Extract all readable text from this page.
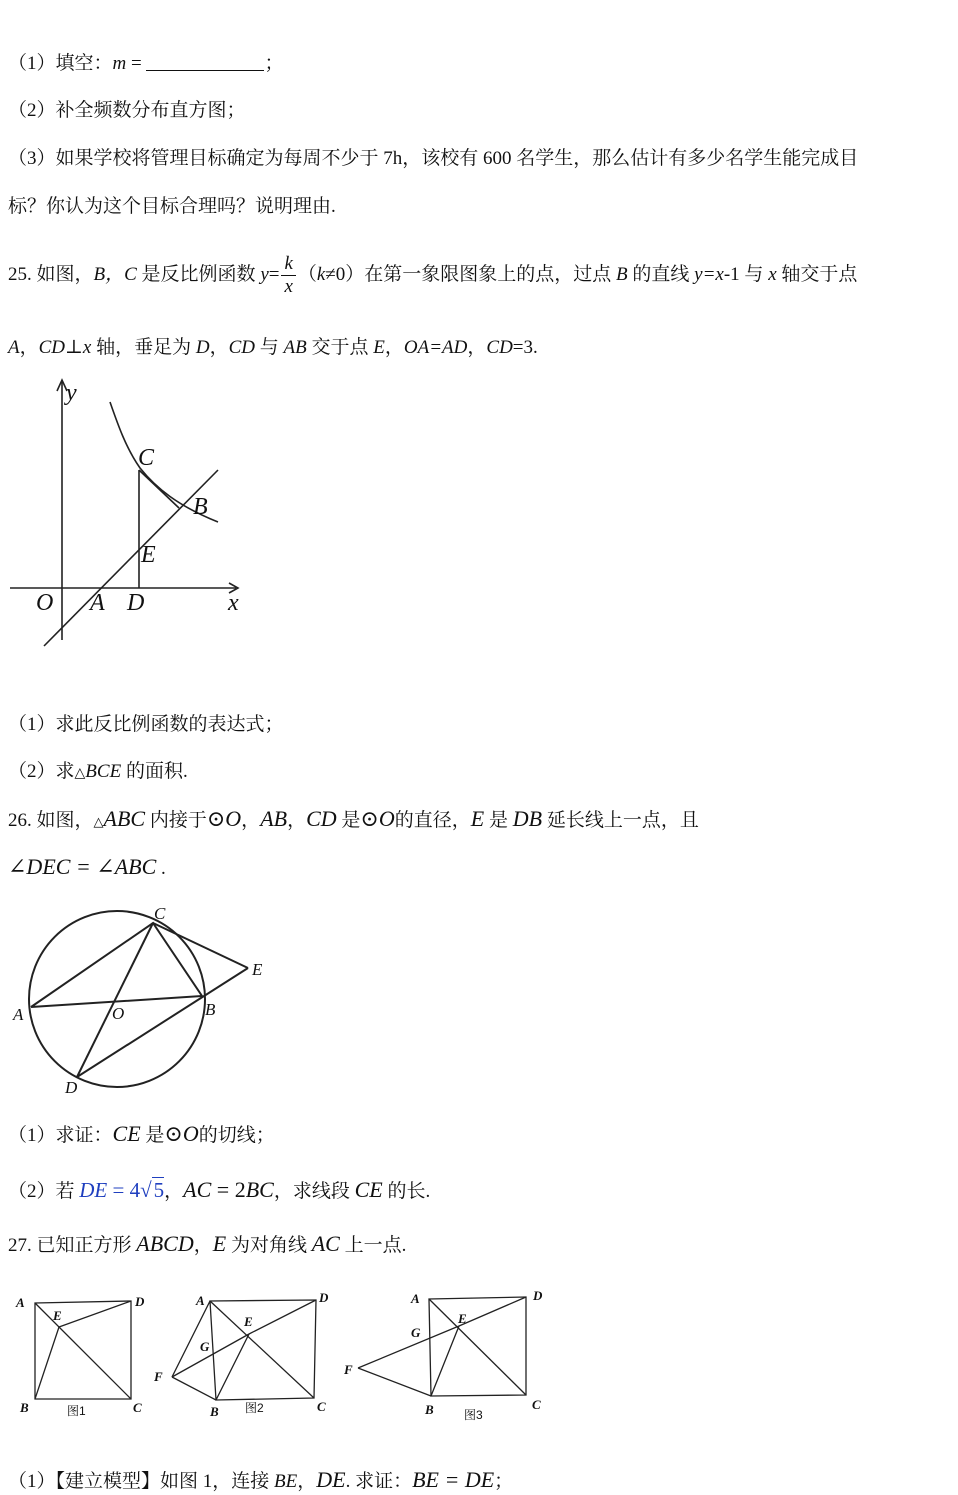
（1）填空：m =	；
（2）补全频数分布直方图；
（3）如果学校将管理目标确定为每周不少于 7h，该校有 600 名学生，那么估计有多少名学生能完成目
标？你认为这个目标合理吗？说明理由.
25. 如图，B，C 是反比例函数 $y= \frac{k}{x} (k\ne 0)$在第一象限图象上的点，过点 B 的直线 y=x-1 与 x 轴交于点
A，CD⊥x 轴，垂足为 D，CD 与 AB 交于点 E，OA=AD，CD=3.
y
C
B
E
O A D	x
（1）求此反比例函数的表达式；
（2）求△BCE 的面积.
26. 如图，△ABC 内接于⊙O，AB，CD 是⊙O的直径，E 是 DB 延长线上一点，且
∠DEC = ∠ABC .
C
E
A	O	B
D
（1）求证：CE 是⊙O的切线；
（2）若 DE = 4√5，AC = 2BC，求线段 CE 的长.
27. 已知正方形 ABCD，E 为对角线 AC 上一点.
A	D
E
B	C
图1
A	D
E
G
F
B	C
图2
A	D
E
G
F
B	C
图3
（1）【建立模型】如图 1，连接 BE，DE. 求证：BE = DE；
